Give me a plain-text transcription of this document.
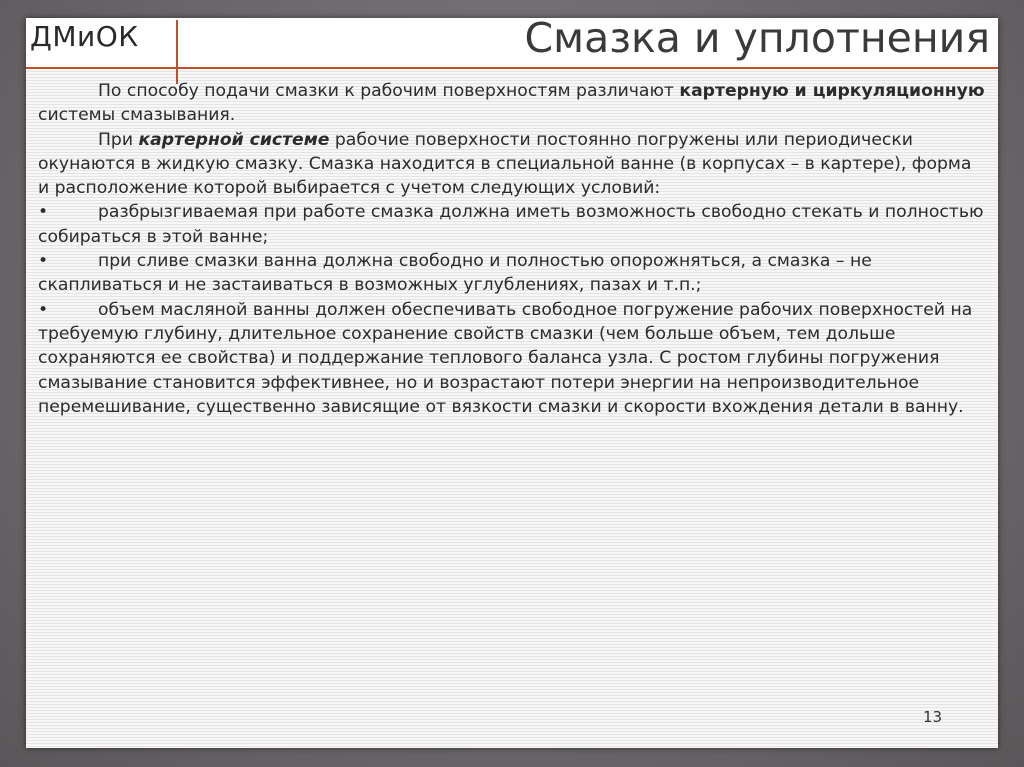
ДМиОК	Смазка и уплотнения

По способу подачи смазки к рабочим поверхностям различают картерную и циркуляционную системы смазывания.

При картерной системе рабочие поверхности постоянно погружены или периодически окунаются в жидкую смазку. Смазка находится в специальной ванне (в корпусах – в картере), форма и расположение которой выбирается с учетом следующих условий:

•	разбрызгиваемая при работе смазка должна иметь возможность свободно стекать и полностью собираться в этой ванне;

•	при сливе смазки ванна должна свободно и полностью опорожняться, а смазка – не скапливаться и не застаиваться в возможных углублениях, пазах и т.п.;

•	объем масляной ванны должен обеспечивать свободное погружение рабочих поверхностей на требуемую глубину, длительное сохранение свойств смазки (чем больше объем, тем дольше сохраняются ее свойства) и поддержание теплового баланса узла. С ростом глубины погружения смазывание становится эффективнее, но и возрастают потери энергии на непроизводительное перемешивание, существенно зависящие от вязкости смазки и скорости вхождения детали в ванну.

13
